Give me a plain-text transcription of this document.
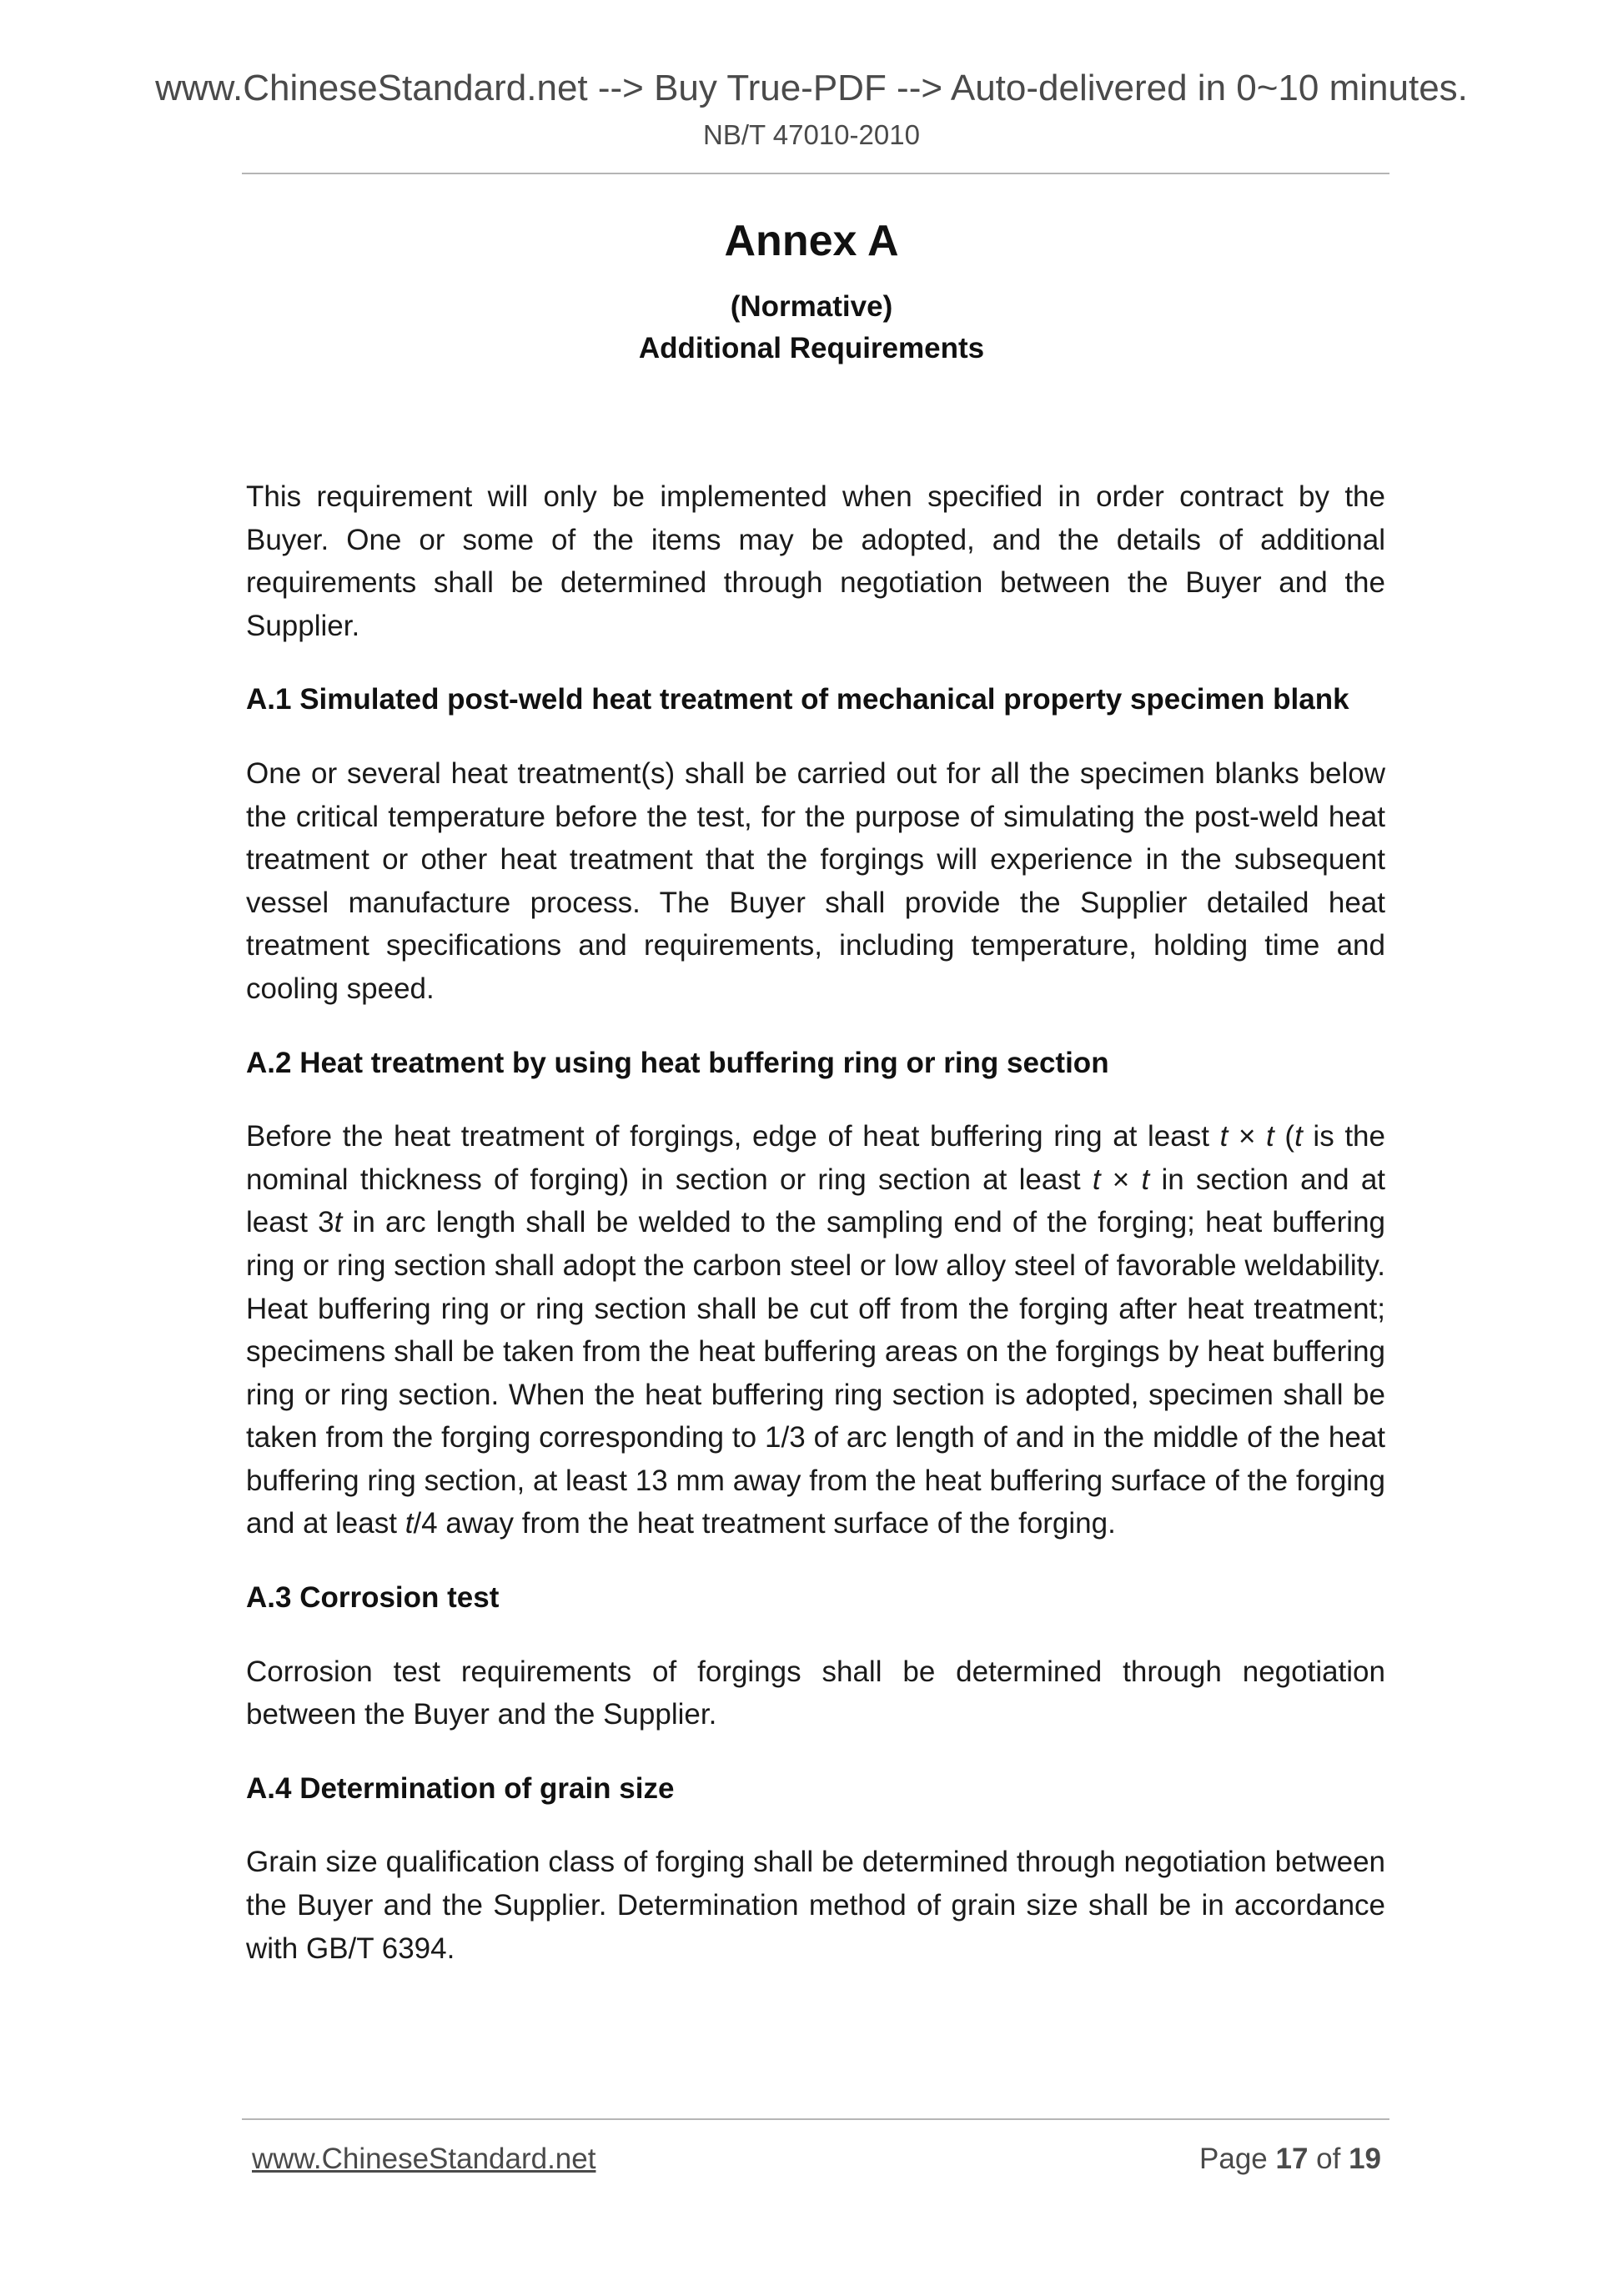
www.ChineseStandard.net --> Buy True-PDF --> Auto-delivered in 0~10 minutes.
NB/T 47010-2010
Annex A
(Normative)
Additional Requirements

This requirement will only be implemented when specified in order contract by the Buyer. One or some of the items may be adopted, and the details of additional requirements shall be determined through negotiation between the Buyer and the Supplier.

A.1 Simulated post-weld heat treatment of mechanical property specimen blank

One or several heat treatment(s) shall be carried out for all the specimen blanks below the critical temperature before the test, for the purpose of simulating the post-weld heat treatment or other heat treatment that the forgings will experience in the subsequent vessel manufacture process. The Buyer shall provide the Supplier detailed heat treatment specifications and requirements, including temperature, holding time and cooling speed.

A.2 Heat treatment by using heat buffering ring or ring section

Before the heat treatment of forgings, edge of heat buffering ring at least t × t (t is the nominal thickness of forging) in section or ring section at least t × t in section and at least 3t in arc length shall be welded to the sampling end of the forging; heat buffering ring or ring section shall adopt the carbon steel or low alloy steel of favorable weldability. Heat buffering ring or ring section shall be cut off from the forging after heat treatment; specimens shall be taken from the heat buffering areas on the forgings by heat buffering ring or ring section. When the heat buffering ring section is adopted, specimen shall be taken from the forging corresponding to 1/3 of arc length of and in the middle of the heat buffering ring section, at least 13 mm away from the heat buffering surface of the forging and at least t/4 away from the heat treatment surface of the forging.

A.3 Corrosion test

Corrosion test requirements of forgings shall be determined through negotiation between the Buyer and the Supplier.

A.4 Determination of grain size

Grain size qualification class of forging shall be determined through negotiation between the Buyer and the Supplier. Determination method of grain size shall be in accordance with GB/T 6394.

www.ChineseStandard.net	Page 17 of 19
